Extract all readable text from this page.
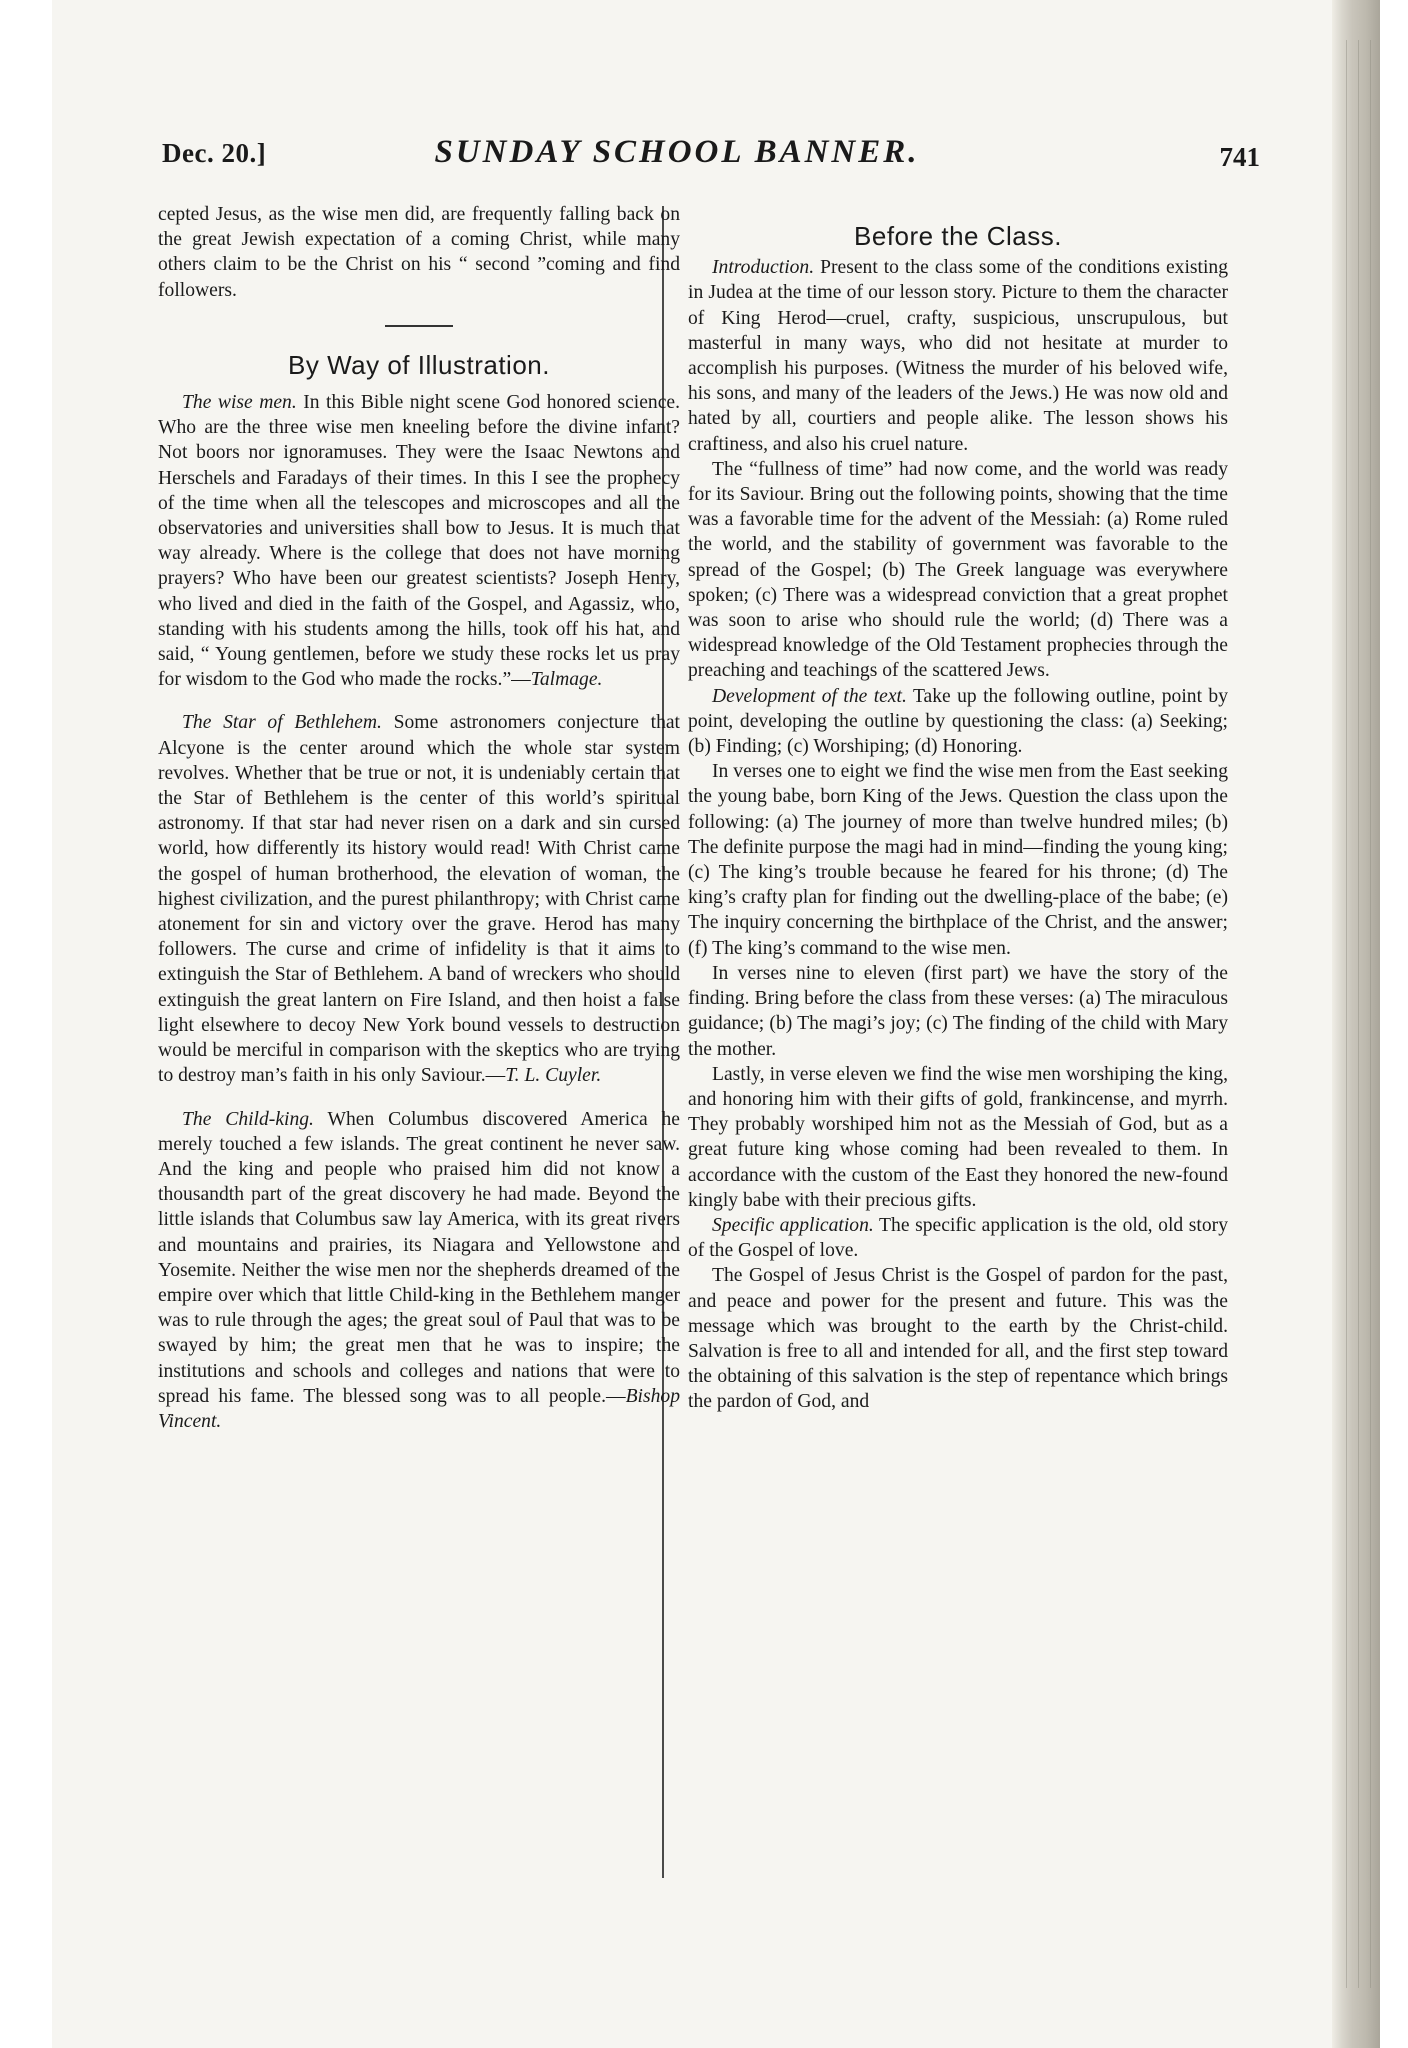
Dec. 20.]	SUNDAY SCHOOL BANNER.	741

cepted Jesus, as the wise men did, are frequently falling back on the great Jewish expectation of a coming Christ, while many others claim to be the Christ on his “ second ”coming and find followers.

By Way of Illustration.

The wise men. In this Bible night scene God honored science. Who are the three wise men kneeling before the divine infant? Not boors nor ignoramuses. They were the Isaac Newtons and Herschels and Faradays of their times. In this I see the prophecy of the time when all the telescopes and microscopes and all the observatories and universities shall bow to Jesus. It is much that way already. Where is the college that does not have morning prayers? Who have been our greatest scientists? Joseph Henry, who lived and died in the faith of the Gospel, and Agassiz, who, standing with his students among the hills, took off his hat, and said, “ Young gentlemen, before we study these rocks let us pray for wisdom to the God who made the rocks.”—Talmage.

The Star of Bethlehem. Some astronomers conjecture that Alcyone is the center around which the whole star system revolves. Whether that be true or not, it is undeniably certain that the Star of Bethlehem is the center of this world’s spiritual astronomy. If that star had never risen on a dark and sin cursed world, how differently its history would read! With Christ came the gospel of human brotherhood, the elevation of woman, the highest civilization, and the purest philanthropy; with Christ came atonement for sin and victory over the grave. Herod has many followers. The curse and crime of infidelity is that it aims to extinguish the Star of Bethlehem. A band of wreckers who should extinguish the great lantern on Fire Island, and then hoist a false light elsewhere to decoy New York bound vessels to destruction would be merciful in comparison with the skeptics who are trying to destroy man’s faith in his only Saviour.—T. L. Cuyler.

The Child-king. When Columbus discovered America he merely touched a few islands. The great continent he never saw. And the king and people who praised him did not know a thousandth part of the great discovery he had made. Beyond the little islands that Columbus saw lay America, with its great rivers and mountains and prairies, its Niagara and Yellowstone and Yosemite. Neither the wise men nor the shepherds dreamed of the empire over which that little Child-king in the Bethlehem manger was to rule through the ages; the great soul of Paul that was to be swayed by him; the great men that he was to inspire; the institutions and schools and colleges and nations that were to spread his fame. The blessed song was to all people.—Bishop Vincent.

Before the Class.

Introduction. Present to the class some of the conditions existing in Judea at the time of our lesson story. Picture to them the character of King Herod—cruel, crafty, suspicious, unscrupulous, but masterful in many ways, who did not hesitate at murder to accomplish his purposes. (Witness the murder of his beloved wife, his sons, and many of the leaders of the Jews.) He was now old and hated by all, courtiers and people alike. The lesson shows his craftiness, and also his cruel nature.

The “fullness of time” had now come, and the world was ready for its Saviour. Bring out the following points, showing that the time was a favorable time for the advent of the Messiah: (a) Rome ruled the world, and the stability of government was favorable to the spread of the Gospel; (b) The Greek language was everywhere spoken; (c) There was a widespread conviction that a great prophet was soon to arise who should rule the world; (d) There was a widespread knowledge of the Old Testament prophecies through the preaching and teachings of the scattered Jews.

Development of the text. Take up the following outline, point by point, developing the outline by questioning the class: (a) Seeking; (b) Finding; (c) Worshiping; (d) Honoring.

In verses one to eight we find the wise men from the East seeking the young babe, born King of the Jews. Question the class upon the following: (a) The journey of more than twelve hundred miles; (b) The definite purpose the magi had in mind—finding the young king; (c) The king’s trouble because he feared for his throne; (d) The king’s crafty plan for finding out the dwelling-place of the babe; (e) The inquiry concerning the birthplace of the Christ, and the answer; (f) The king’s command to the wise men.

In verses nine to eleven (first part) we have the story of the finding. Bring before the class from these verses: (a) The miraculous guidance; (b) The magi’s joy; (c) The finding of the child with Mary the mother.

Lastly, in verse eleven we find the wise men worshiping the king, and honoring him with their gifts of gold, frankincense, and myrrh. They probably worshiped him not as the Messiah of God, but as a great future king whose coming had been revealed to them. In accordance with the custom of the East they honored the new-found kingly babe with their precious gifts.

Specific application. The specific application is the old, old story of the Gospel of love.

The Gospel of Jesus Christ is the Gospel of pardon for the past, and peace and power for the present and future. This was the message which was brought to the earth by the Christ-child. Salvation is free to all and intended for all, and the first step toward the obtaining of this salvation is the step of repentance which brings the pardon of God, and
